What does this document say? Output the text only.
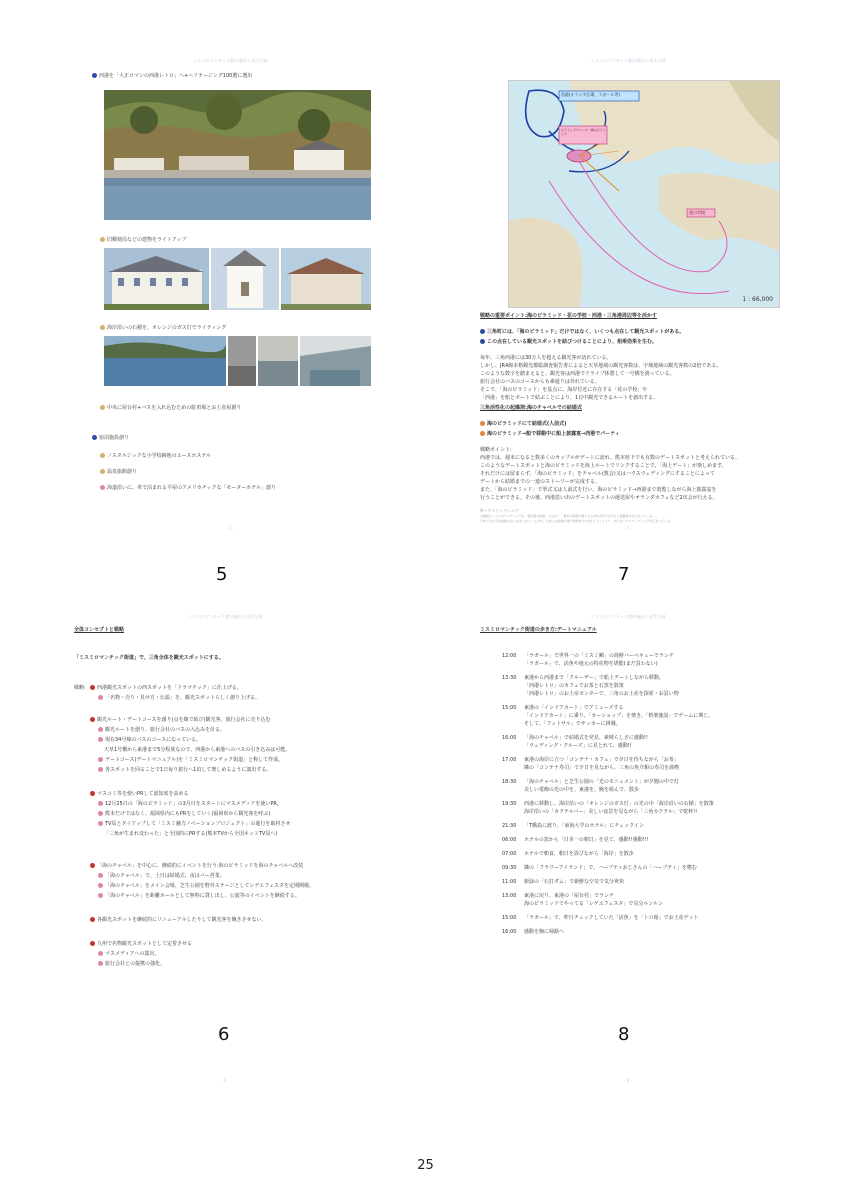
ミスミ(ロマンチック港)の賑わい再生計画
西港を「大正ロマンの西港レトロ」へ+ヘリテージング100選に選出
旧郵便局などの建物をライトアップ
海岸沿いの石積を、オレンジのガス灯でライティング
中央に屋台村+バスを入れ込むための駐車場とお土産屋創り
宿泊施設創り
ノスタルジックな小学校跡地のユースホステル
温泉旅館創り
海道沿いに、車で泊まれる平屋のアメリカチックな「モーターホテル」創り
- 5 -
5
ミスミ(ロマンチック港)の賑わい再生計画
西港(オランダ広場、ラガール等)
ピラミッドアリーナ・海のピラミッド
花の学校
1 : 66,000
戦略の重要ポイント:海のピラミッド・花の学校・西港・三角港周辺等を活かす
三角町には、「海のピラミッド」だけではなく、いくつも点在して観光スポットがある。
この点在している観光スポットを結びつけることにより、相乗効果を生む。
毎年、三角西港には30万人を超える観光客が訪れている。
しかし、JR4線本格観光都総調査報告書によると天草地域の観光客数は、宇城地域の観光客数の2倍である。
このような数字を踏まえると、観光客は西港でドライブ休憩して一号橋を渡っている。
旅行会社のバスのコースからも素通りは外れている。
そこで、「海のピラミッド」を基点に、海岸付近に存在する「花の学校」や
「西港」を船とボートで結ぶことにより、1日中観光できるルートを創出する。
三角活性化の起爆剤:海のチャペルでの結婚式
海のピラミッドにて結婚式(人前式)
海のピラミッド→船で移動中に船上披露宴→西港でパーティ
戦略ポイント:
西港では、週末になると数多くのカップルがデートに訪れ、熊本県下でも有数のデートスポットと考えられている。
このようなデートスポットと海のピラミッドを海上ルートでリンクすることで、「海上デート」が楽しめます。
それだけには留まらず、「海のピラミッド」をチャペル(教会)又はハウスウェディングにすることによって
デートから結婚までの一連のストーリーが完成する。
また、「海のピラミッド」で挙式又は人前式を行い、海のピラミッド→西港まで遊覧しながら海上披露宴を
行うことができる。その後、西港思い出のデートスポットの運送屋やオランダカフェなど2次会が行える。
※ハウスウェディング
全国婚カップルのウェディングは「着宅婚式結婚」ではなく、数年の時期で優々上の1年は手計で行なう金額改式を行なっている。
日本では大手な結婚式ないがあふれているため、日本には結婚式場で数時をも1式をとることより、市ではハウスウェディングが広がっている。
- 7 -
7
ミスミ(ロマンチック港)の賑わい再生計画
全体コンセプトと戦略
「ミスミロマンチック街道」で、三角全体を観光スポットにする。
戦略:	西港観光スポットの西スポットを「ドラマチック」に仕上げる。
「名物・売り・見せ方・伝説」を、観光スポットらしく創り上げる。
観光ルート・デートコースを創り(点を線で結び)観光客、旅行会社に売り込む
観光ルートを創り、旅行会社のバスの入込みを計る。
現在34号線のバスのコースになっている。
天草1号橋から東港まで5分程度なので、西港から東港へのバスの引き込みは可能。
デートコース(デートマニュアル)を「ミスミロマンチック街道」と称して作成。
各スポットを回ることで1日毎り旅行へ1泊して楽しめるように演出する。
マスコミ等を使いPRして認知度を高める
12月25日の「海のピラミッド」の3月日をスタートにマスメディアを使いPR。
熊本だけではなく、福岡県内にもPRをしていく(福岡県から観光客を呼ぶ)
TV局とタイアップして「ミスミ魅力ノベーションプロジェクト」の進行を取材させ
「三角が生まれ変わった」と全国的にPRする(熊本TVから全国ネットTV局へ)
「海のチャペル」を中心に、継続的にイベントを行う:海のピラミッドを海のチャペルへ改装
「海のチャペル」で、土日は結婚式、夜はバー営業。
「海のチャペル」をメイン会場、芝生公園を野外ステージとしてレゲエフェスタを定期開催。
「海のチャペル」を距離ホールとして無料に貸し出し、公演等のイベントを継続する。
各観光スポットを継続的にリニューアルしたりして観光客を飽きさせない。
九州で名物観光スポットとして定着させる
マスメディアへの露出。
旅行会社との提携の強化。
- 6 -
6
ミスミ(ロマンチック港)の賑わい再生計画
ミスミロマンチック街道の歩き方:デートマニュアル
12:00 「ラガール」で世界一の「ミスミ鯛」の海鮮バーベキューでランチ
「ラガール」で、活魚や地元の特産物を堪能(まだ買わない)
13:30 東港から西港まで「クルーザー」で船上デートしながら移動。
「西港レトロ」のカフェでお茶と石窯を散策
「西港レトロ」のお土産センターで、三角のお土産を探索・お買い物
15:00 東港の「インドアカート」でアミューズする
「インドアカート」に乗り、「カーショップ」を楽き、「娯楽施設」でゲームに興じ、
そして、「フットサル」でサッカーに挑戦。
16:00 「海のチャペル」で結婚式を発見、素晴らしさに感動!!
「ウェディング・クルーズ」に見とれて、感動!!
17:00 東港の海岸に立つ「コンテナ・カフェ」で夕日を待ちながら「お茶」
隣の「コンテナ寿司」で夕日を見ながら、三角の魚介類の寿司を満喫
18:30 「海のチャペル」と芝生公園の「光のモニュメント」が夕闇の中で灯
美しい電飾の光の中を、東港を、腕を組んで、散歩
19:30 西港に移動し、海岸沿いの「オレンジのガス灯」の光の中「海岸沿いの石積」を散策
海岸沿いの「カクテルバー」美しい夜景を見ながら「三角カクテル」で乾杯!!
21:30 「T橋島に渡り、「東海大学のホテル」にチェックイン
06:00 ホテルの窓から「日本一の朝日」を見て、感動!!感動!!!
07:00 ホテルで朝食、朝日を浴びながら「海岸」を散歩
09:30 隣の「フラワーアイランド」で、ハーブティおじさんの「ハーブティ」を嗜む
11:00 新緑の「石打ダム」で新鮮な空気で気分爽快
13:00 東港に戻り、東港の「屋台村」でランチ
海のピラミッドでやってる「レゲエフェスタ」で気分ルンルン
15:00 「ラガール」で、昨日チェックしていた「活魚」を「トロ箱」でお土産ゲット
16:00 感動を胸に帰路へ
- 8 -
8
25
